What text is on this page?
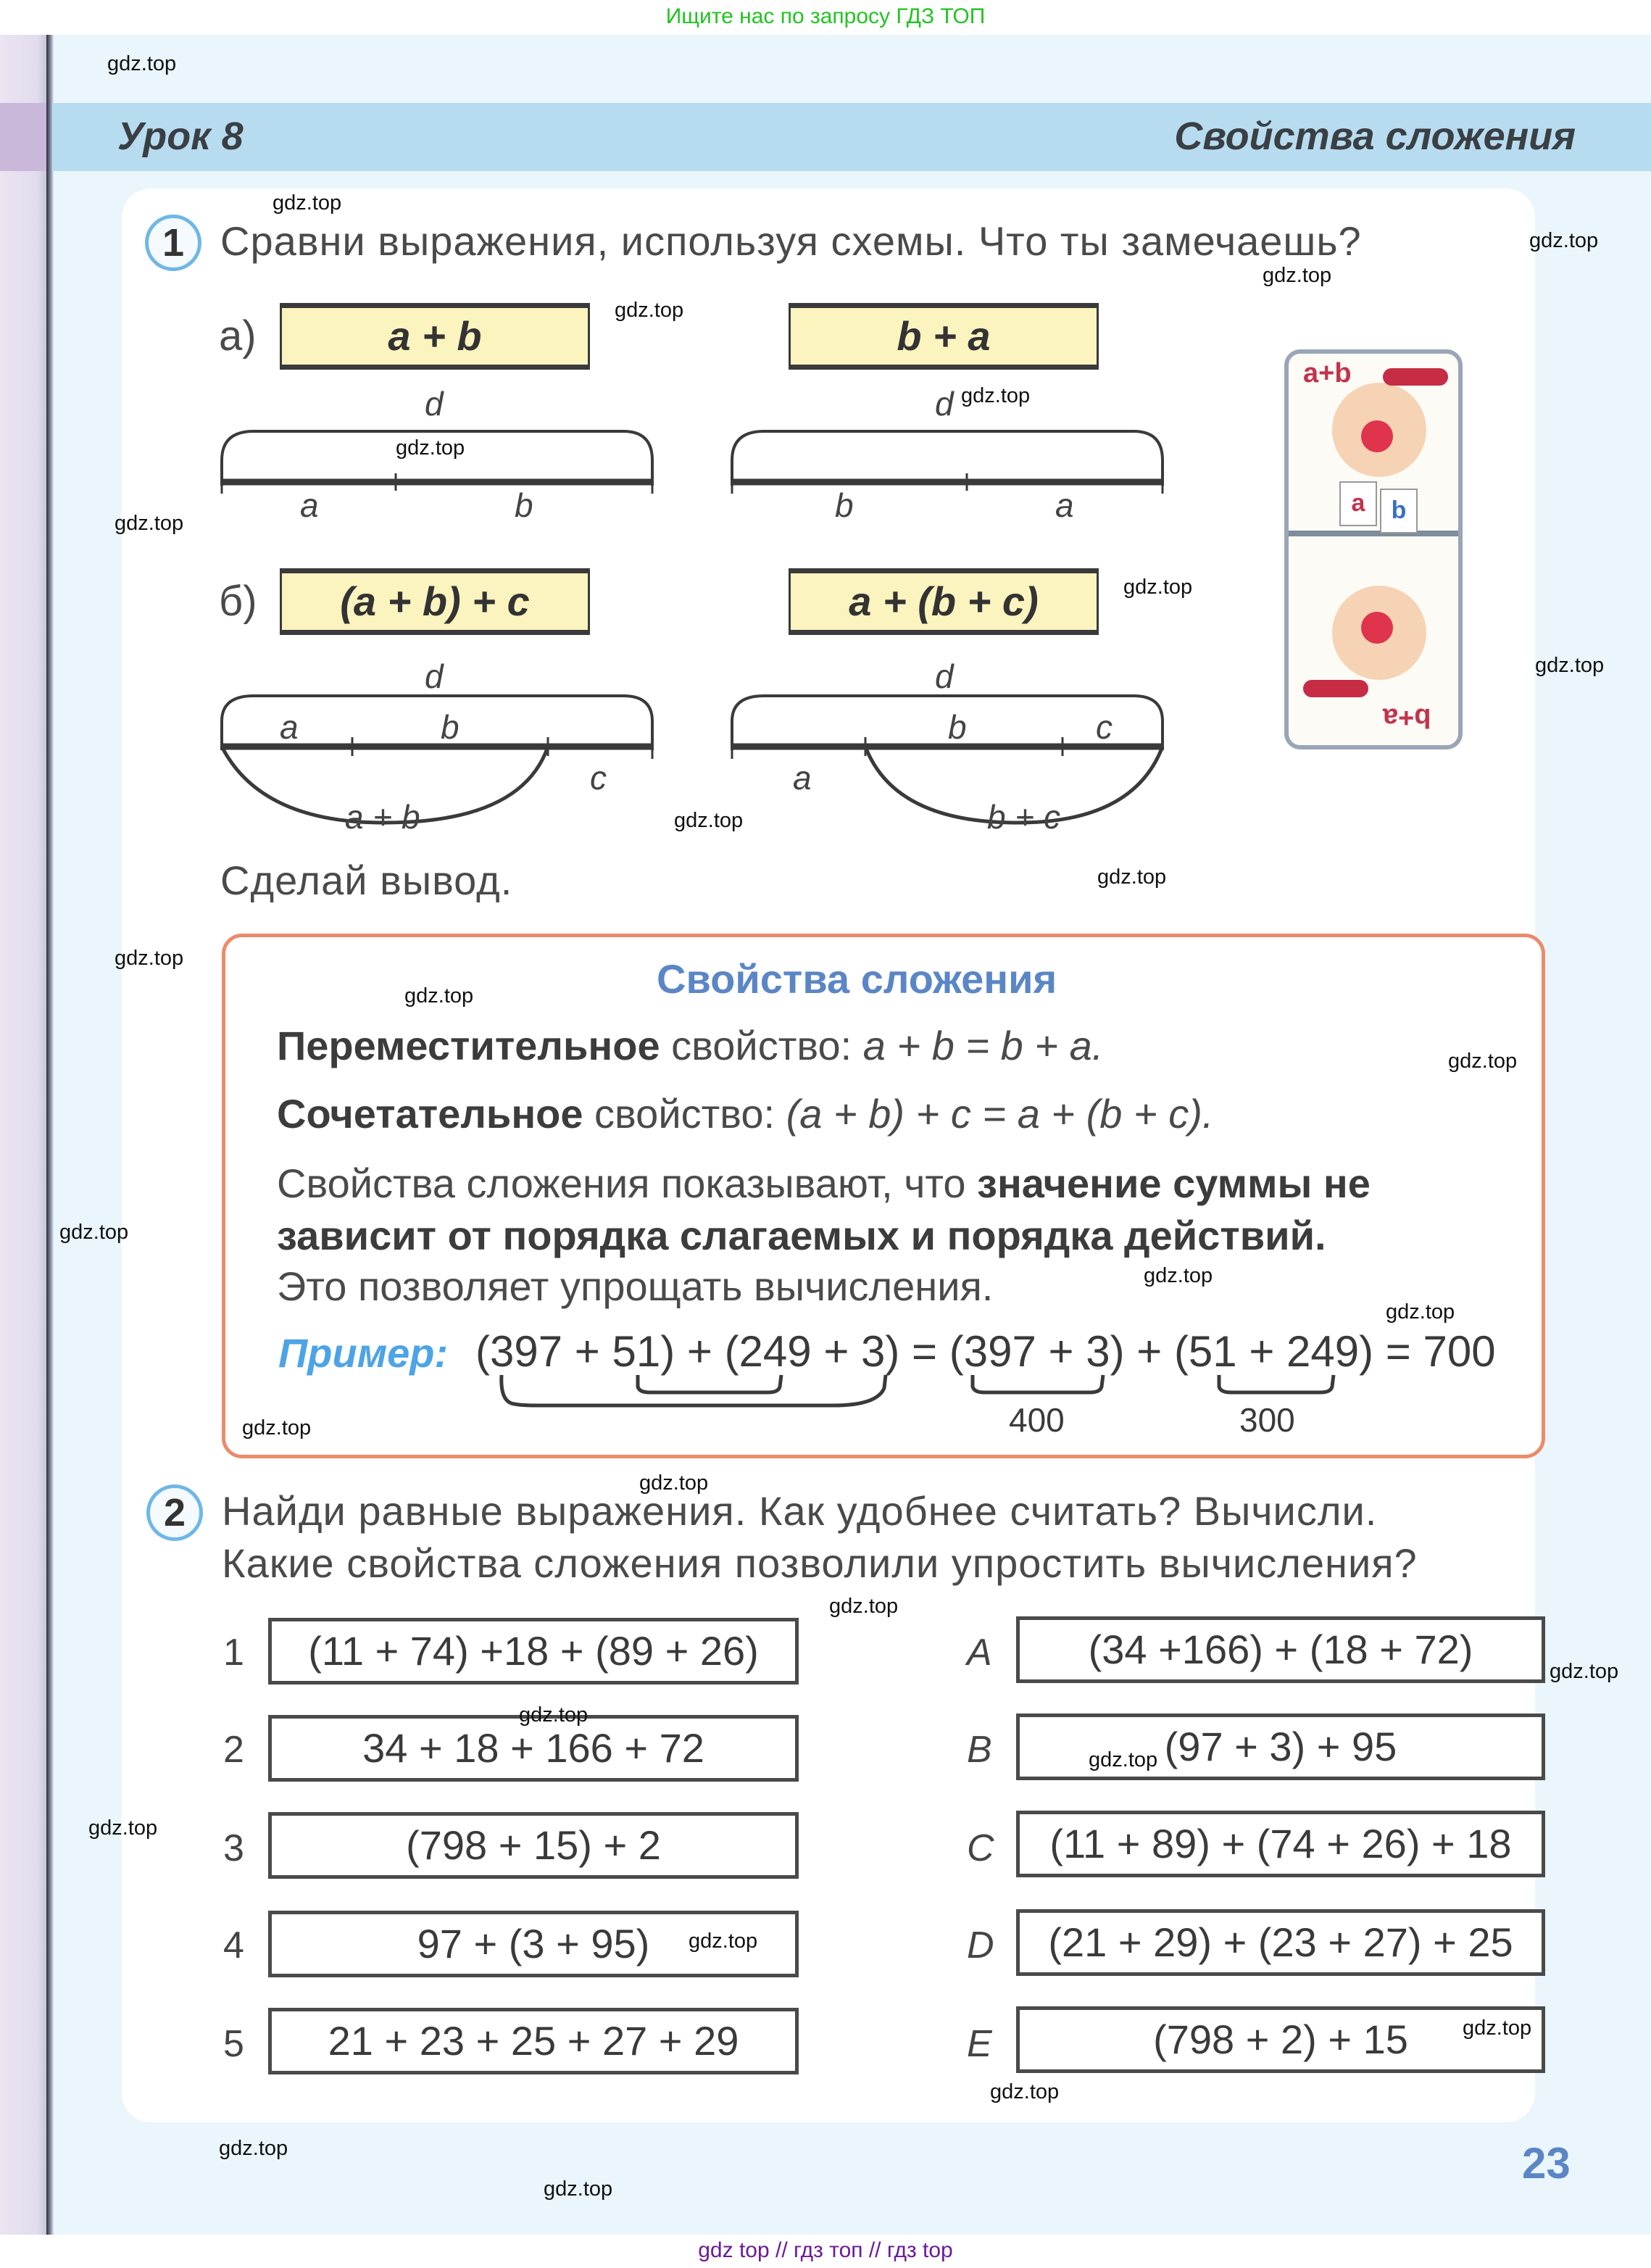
Ищите нас по запросу ГДЗ ТОП
Урок 8	Свойства сложения
1 Сравни выражения, используя схемы. Что ты замечаешь?
а)	a + b	b + a
d	d
a	b	b	a
б)	(a + b) + c	a + (b + c)
d	d
a	b
c
a + b
b	c
a
b + c
Сделай вывод.
a+b
a	b
b+a
Свойства сложения
Переместительное свойство: a + b = b + a.
Сочетательное свойство: (a + b) + c = a + (b + c).
Свойства сложения показывают, что значение суммы не
зависит от порядка слагаемых и порядка действий.
Это позволяет упрощать вычисления.
Пример: (397 + 51) + (249 + 3) = (397 + 3) + (51 + 249) = 700
400	300
2 Найди равные выражения. Как удобнее считать? Вычисли.
Какие свойства сложения позволили упростить вычисления?
1	(11 + 74) +18 + (89 + 26)
2	34 + 18 + 166 + 72
3	(798 + 15) + 2
4	97 + (3 + 95)
5	21 + 23 + 25 + 27 + 29
A	(34 +166) + (18 + 72)
B	(97 + 3) + 95
C	(11 + 89) + (74 + 26) + 18
D	(21 + 29) + (23 + 27) + 25
E	(798 + 2) + 15
23
gdz.top
gdz.top
gdz.top
gdz.top
gdz.top
gdz.top
gdz.top
gdz.top
gdz.top
gdz.top
gdz.top
gdz.top
gdz.top
gdz.top
gdz.top
gdz.top
gdz.top
gdz.top
gdz.top
gdz.top
gdz.top
gdz.top
gdz.top
gdz.top
gdz.top
gdz.top
gdz.top
gdz.top
gdz.top
gdz.top
gdz top // гдз топ // гдз top
